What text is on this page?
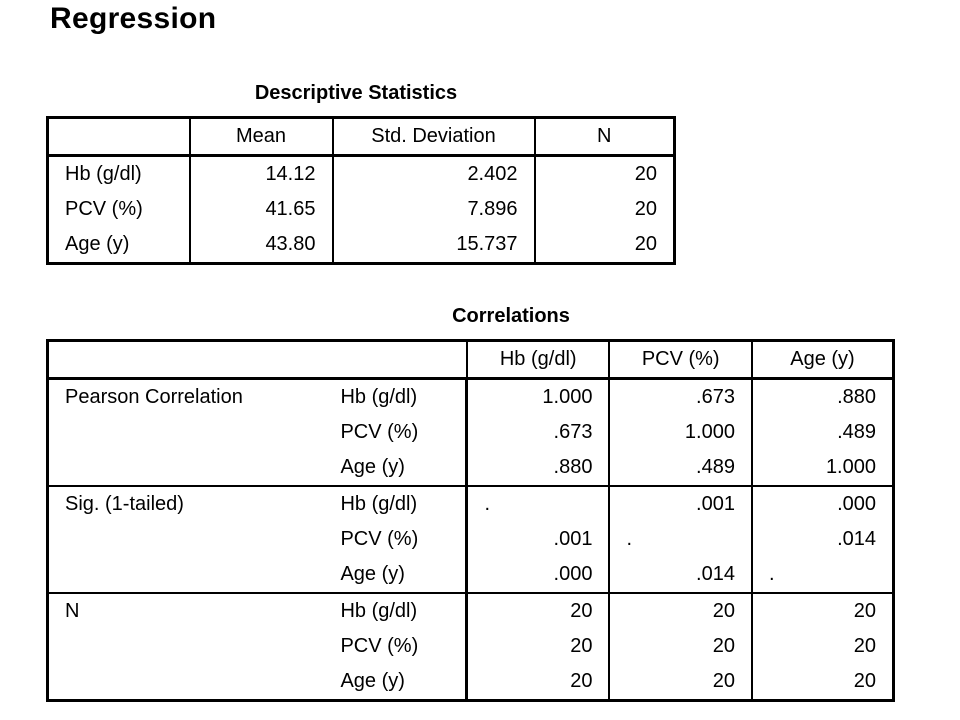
Regression
Descriptive Statistics
	Mean	Std. Deviation	N
Hb (g/dl)	14.12	2.402	20
PCV (%)	41.65	7.896	20
Age (y)	43.80	15.737	20
Correlations
		Hb (g/dl)	PCV (%)	Age (y)
Pearson Correlation	Hb (g/dl)	1.000	.673	.880
	PCV (%)	.673	1.000	.489
	Age (y)	.880	.489	1.000
Sig. (1-tailed)	Hb (g/dl)	.	.001	.000
	PCV (%)	.001	.	.014
	Age (y)	.000	.014	.
N	Hb (g/dl)	20	20	20
	PCV (%)	20	20	20
	Age (y)	20	20	20
